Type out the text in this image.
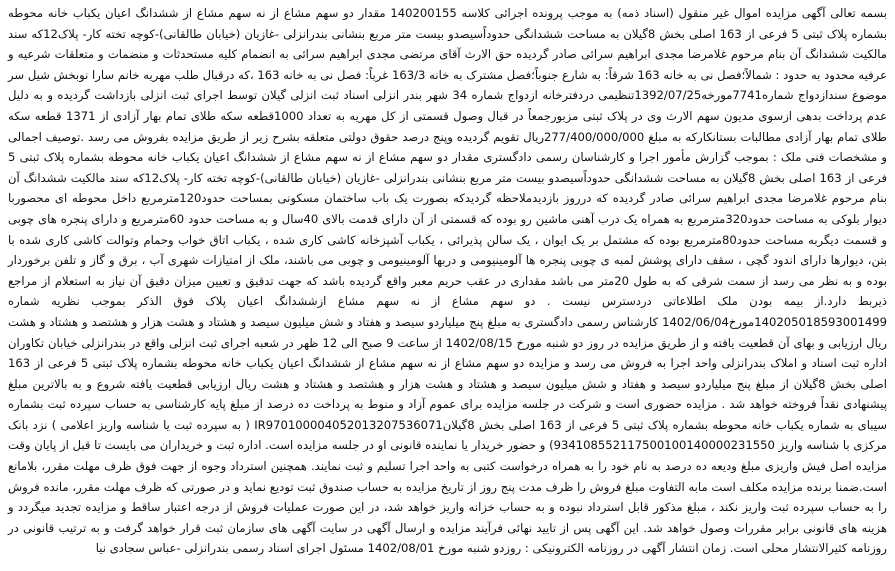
بسمه تعالی آگهی مزایده اموال غیر منقول (اسناد ذمه) به موجب پرونده اجرائی کلاسه 140200155 مقدار دو سهم مشاع از نه سهم مشاع از ششدانگ اعیان یکباب خانه محوطه بشماره پلاک ثبتی 5 فرعی از 163 اصلی بخش 8گیلان به مساحت ششدانگی حدوداًسیصدو بیست متر مربع بنشانی بندرانزلی -غازیان (خیابان طالقانی)-کوچه تخته کار- پلاک12که سند مالکیت ششدانگ آن بنام مرحوم غلامرضا مجدی ابراهیم سرائی صادر گردیده حق الارث آقای مرتضی مجدی ابراهیم سرائی به انضمام کلیه مستحدثات و منضمات و متعلقات شرعیه و عرفیه محدود به حدود : شمالاً؛فصل نی به خانه 163 شرقاً: به شارع جنوباً؛فصل مشترک به خانه 163/3 غرباً: فصل نی به خانه 163 ،که درقبال طلب مهریه خانم سارا نوبخش شیل سر موضوع سندازدواج شماره7741مورخه1392/07/25تنظیمی دردفترخانه ازدواج شماره 34 شهر بندر انزلی اسناد ثبت انزلی گیلان توسط اجرای ثبت انزلی بازداشت گردیده و به دلیل عدم پرداخت بدهی ازسوی مدیون سهم الارث وی در پلاک ثبتی مزبورجمعاً در قبال وصول قسمتی از کل مهریه به تعداد 1000قطعه سکه طلای تمام بهار آزادی از 1371 قطعه سکه طلای تمام بهار آزادی مطالبات بستانکارکه به مبلغ 277/400/000/000ریال تقویم گردیده وپنج درصد حقوق دولتی متعلقه بشرح زیر از طریق مزایده بفروش می رسد .توصیف اجمالی و مشخصات فنی ملک : بموجب گزارش مأمور اجرا و کارشناسان رسمی دادگستری مقدار دو سهم مشاع از نه سهم مشاع از ششدانگ اعیان یکباب خانه محوطه بشماره پلاک ثبتی 5 فرعی از 163 اصلی بخش 8گیلان به مساحت ششدانگی حدوداًسیصدو بیست متر مربع بنشانی بندرانزلی -غازیان (خیابان طالقانی)-کوچه تخته کار- پلاک12که سند مالکیت ششدانگ آن بنام مرحوم غلامرضا مجدی ابراهیم سرائی صادر گردیده که درروز بازدیدملاحظه گردیدکه بصورت یک باب ساختمان مسکونی بمساحت حدود120مترمربع داخل محوطه ای محصوربا دیوار بلوکی به مساحت حدود320مترمربع به همراه یک درب آهنی ماشین رو بوده که قسمتی از آن دارای قدمت بالای 40سال و به مساحت حدود 60مترمربع و دارای پنجره های چوبی و قسمت دیگربه مساحت حدود80مترمربع بوده که مشتمل بر یک ایوان ، یک سالن پذیرائی ، یکباب آشپزخانه کاشی کاری شده ، یکباب اتاق خواب وحمام وتوالت کاشی کاری شده با بتن، دیوارها دارای اندود گچی ، سقف دارای پوشش لمبه ی چوبی پنجره ها آلومینیومی و دربها آلومینیومی و چوبی می باشند، ملک از امتیازات شهری آب ، برق و گاز و تلفن برخوردار بوده و به نظر می رسد از سمت شرقی که به طول 20متر می باشد مقداری در عقب حریم معبر واقع گردیده باشد که جهت تدقیق و تعیین میزان دقیق آن نیاز به استعلام از مراجع ذیربط دارد.از بیمه بودن ملک اطلاعاتی دردسترس نیست . دو سهم مشاع از نه سهم مشاع ازششدانگ اعیان پلاک فوق الذکر بموجب نظریه شماره 140205018593001499مورخ1402/06/04 کارشناس رسمی دادگستری به مبلغ پنج میلیاردو سیصد و هفتاد و شش میلیون سیصد و هشتاد و هشت هزار و هشتصد و هشتاد و هشت ریال ارزیابی و بهای آن قطعیت یافته و از طریق مزایده در روز دو شنبه مورخ 1402/08/15 از ساعت 9 صبح الی 12 ظهر در شعبه اجرای ثبت انزلی واقع در بندرانزلی خیابان تکاوران اداره ثبت اسناد و املاک بندرانزلی واحد اجرا به فروش می رسد و مزایده دو سهم مشاع از نه سهم مشاع از ششدانگ اعیان یکباب خانه محوطه بشماره پلاک ثبتی 5 فرعی از 163 اصلی بخش 8گیلان از مبلغ پنج میلیاردو سیصد و هفتاد و شش میلیون سیصد و هشتاد و هشت هزار و هشتصد و هشتاد و هشت ریال ارزیابی قطعیت یافته شروع و به بالاترین مبلغ پیشنهادی نقداً فروخته خواهد شد . مزایده حضوری است و شرکت در جلسه مزایده برای عموم آزاد و منوط به پرداخت ده درصد از مبلغ پایه کارشناسی به حساب سپرده ثبت بشماره سیبای به شماره یکباب خانه محوطه بشماره پلاک ثبتی 5 فرعی از 163 اصلی بخش 8گیلانIR970100004052013207536071 ( به سپرده ثبت یا شناسه واریز اعلامی ) نزد بانک مرکزی با شناسه واریز 934108552117500100140000231550) و حضور خریدار یا نماینده قانونی او در جلسه مزایده است. اداره ثبت و خریداران می بایست تا قبل از پایان وقت مزایده اصل فیش واریزی مبلغ ودیعه ده درصد به نام خود را به همراه درخواست کتبی به واحد اجرا تسلیم و ثبت نمایند. همچنین استرداد وجوه از جهت فوق ظرف مهلت مقرر، بلامانع است.ضمنا برنده مزایده مکلف است مابه التفاوت مبلغ فروش را ظرف مدت پنج روز از تاریخ مزایده به حساب صندوق ثبت تودیع نماید و در صورتی که ظرف مهلت مقرر، مانده فروش را به حساب سپرده ثبت واریز نکند ، مبلغ مذکور قابل استرداد نبوده و به حساب خزانه واریز خواهد شد، در این صورت عملیات فروش از درجه اعتبار ساقط و مزایده تجدید میگردد و هزینه های قانونی برابر مقررات وصول خواهد شد. این آگهی پس از تایید نهائی فرآیند مزایده و ارسال آگهی در سایت آگهی های سازمان ثبت قرار خواهد گرفت و به ترتیب قانونی در روزنامه کثیرالانتشار محلی است. زمان انتشار آگهی در روزنامه الکترونیکی : روزدو شنبه مورخ 1402/08/01 مسئول اجرای اسناد رسمی بندرانزلی -عباس سجادی نیا
